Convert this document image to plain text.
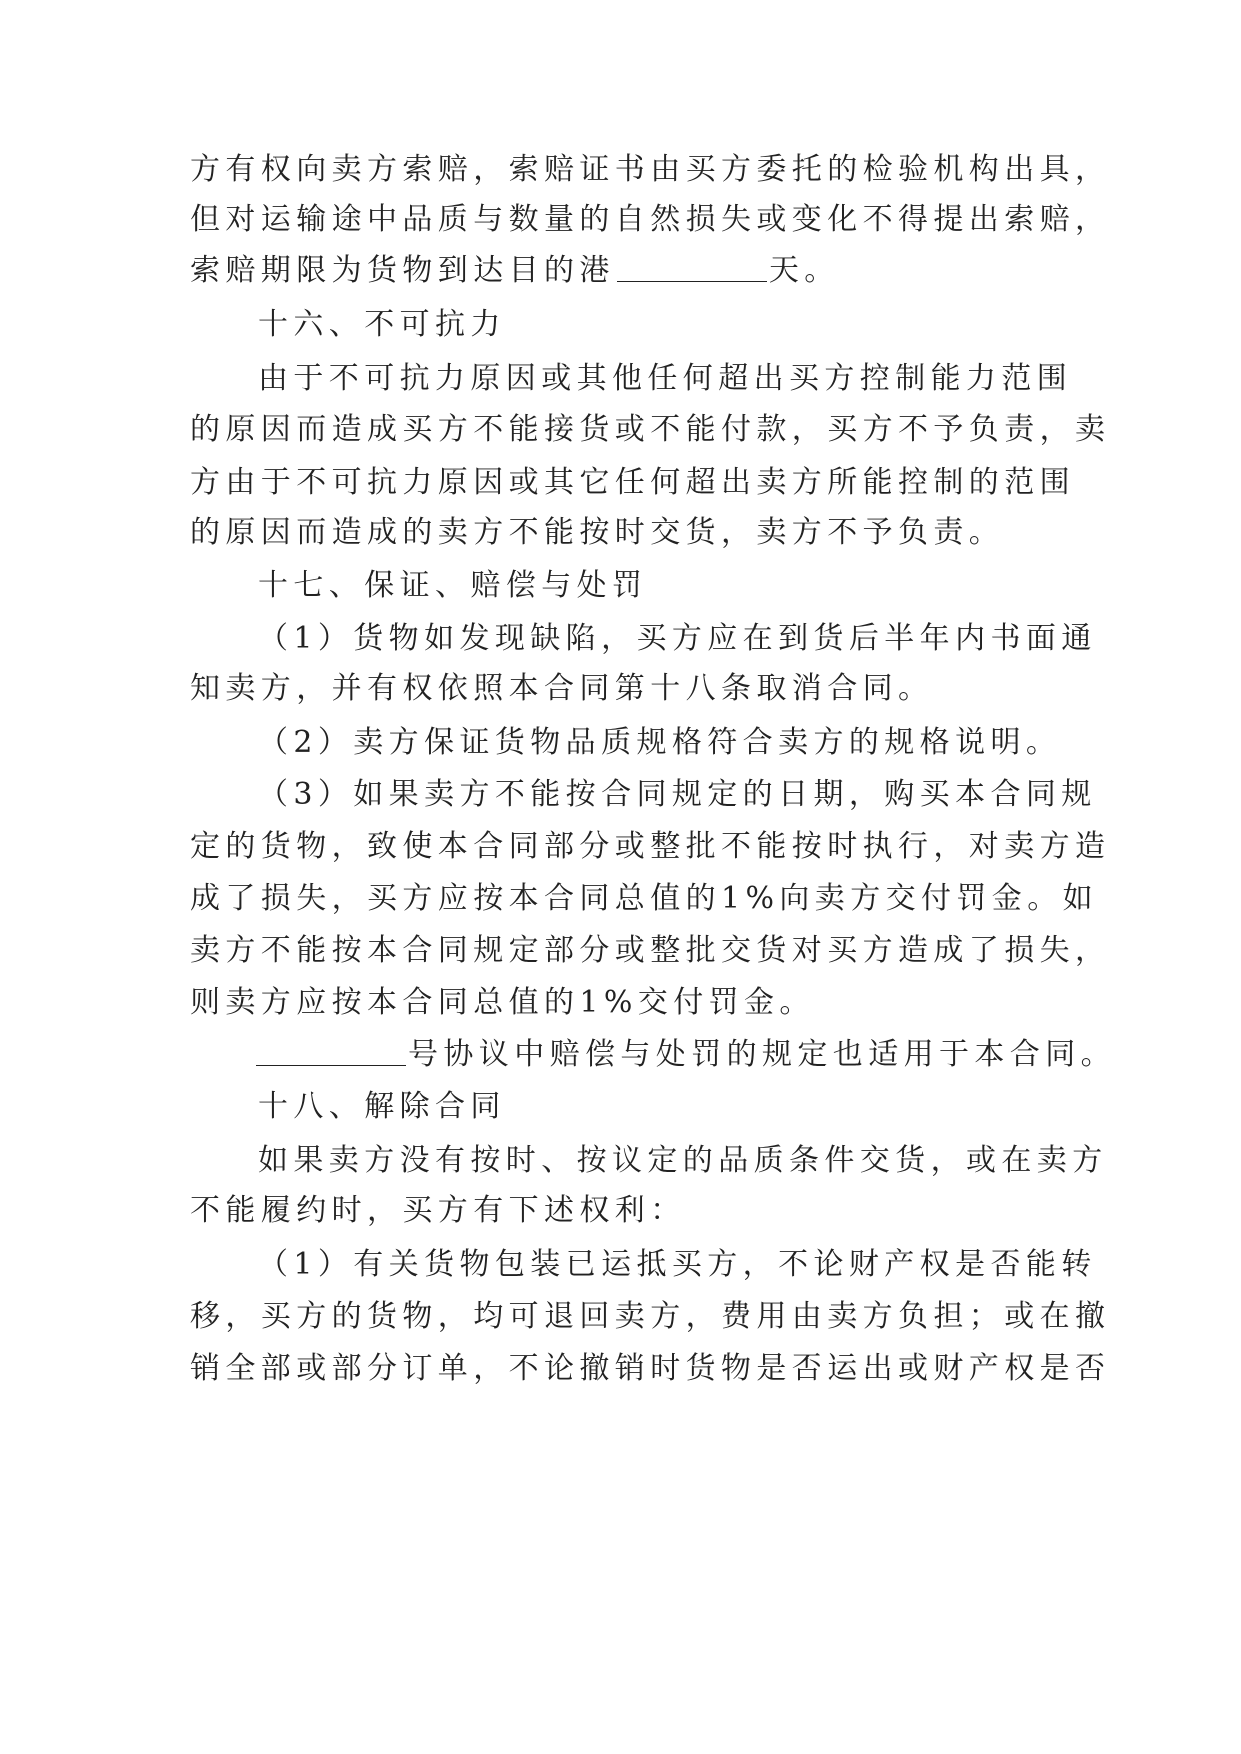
方有权向卖方索赔，索赔证书由买方委托的检验机构出具，
但对运输途中品质与数量的自然损失或变化不得提出索赔，
索赔期限为货物到达目的港	天。
十六、不可抗力
由于不可抗力原因或其他任何超出买方控制能力范围
的原因而造成买方不能接货或不能付款，买方不予负责，卖
方由于不可抗力原因或其它任何超出卖方所能控制的范围
的原因而造成的卖方不能按时交货，卖方不予负责。
十七、保证、赔偿与处罚
（1）货物如发现缺陷，买方应在到货后半年内书面通
知卖方，并有权依照本合同第十八条取消合同。
（2）卖方保证货物品质规格符合卖方的规格说明。
（3）如果卖方不能按合同规定的日期，购买本合同规
定的货物，致使本合同部分或整批不能按时执行，对卖方造
成了损失，买方应按本合同总值的1%向卖方交付罚金。如
卖方不能按本合同规定部分或整批交货对买方造成了损失，
则卖方应按本合同总值的1%交付罚金。
号协议中赔偿与处罚的规定也适用于本合同。
十八、解除合同
如果卖方没有按时、按议定的品质条件交货，或在卖方
不能履约时，买方有下述权利：
（1）有关货物包装已运抵买方，不论财产权是否能转
移，买方的货物，均可退回卖方，费用由卖方负担；或在撤
销全部或部分订单，不论撤销时货物是否运出或财产权是否
